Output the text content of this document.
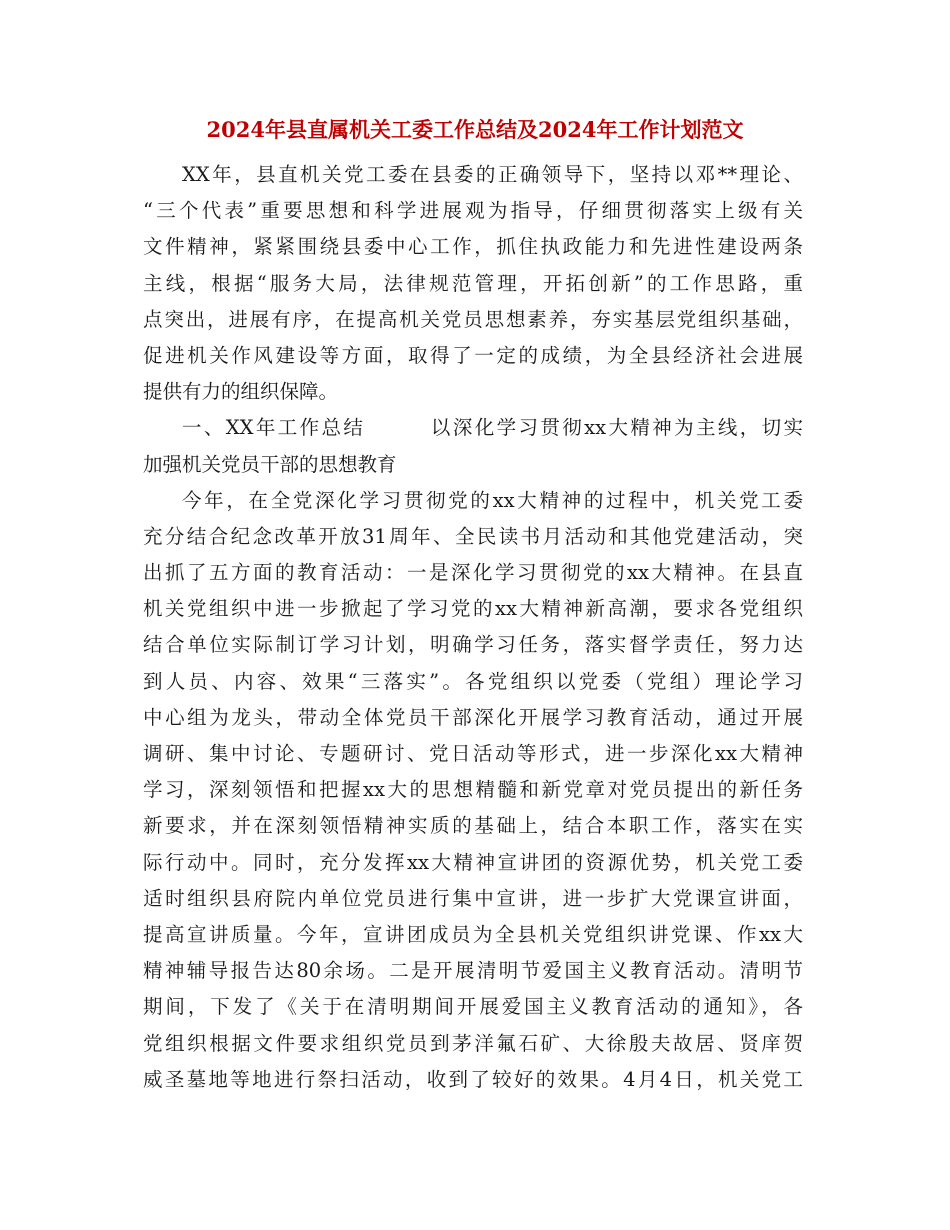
2024年县直属机关工委工作总结及2024年工作计划范文
XX年，县直机关党工委在县委的正确领导下，坚持以邓**理论、
“三个代表”重要思想和科学进展观为指导，仔细贯彻落实上级有关
文件精神，紧紧围绕县委中心工作，抓住执政能力和先进性建设两条
主线，根据“服务大局，法律规范管理，开拓创新”的工作思路，重
点突出，进展有序，在提高机关党员思想素养，夯实基层党组织基础，
促进机关作风建设等方面，取得了一定的成绩，为全县经济社会进展
提供有力的组织保障。
一、XX年工作总结　　　以深化学习贯彻xx大精神为主线，切实
加强机关党员干部的思想教育
今年，在全党深化学习贯彻党的xx大精神的过程中，机关党工委
充分结合纪念改革开放31周年、全民读书月活动和其他党建活动，突
出抓了五方面的教育活动：一是深化学习贯彻党的xx大精神。在县直
机关党组织中进一步掀起了学习党的xx大精神新高潮，要求各党组织
结合单位实际制订学习计划，明确学习任务，落实督学责任，努力达
到人员、内容、效果“三落实”。各党组织以党委（党组）理论学习
中心组为龙头，带动全体党员干部深化开展学习教育活动，通过开展
调研、集中讨论、专题研讨、党日活动等形式，进一步深化xx大精神
学习，深刻领悟和把握xx大的思想精髓和新党章对党员提出的新任务
新要求，并在深刻领悟精神实质的基础上，结合本职工作，落实在实
际行动中。同时，充分发挥xx大精神宣讲团的资源优势，机关党工委
适时组织县府院内单位党员进行集中宣讲，进一步扩大党课宣讲面，
提高宣讲质量。今年，宣讲团成员为全县机关党组织讲党课、作xx大
精神辅导报告达80余场。二是开展清明节爱国主义教育活动。清明节
期间，下发了《关于在清明期间开展爱国主义教育活动的通知》，各
党组织根据文件要求组织党员到茅洋氟石矿、大徐殷夫故居、贤庠贺
威圣墓地等地进行祭扫活动，收到了较好的效果。4月4日，机关党工
